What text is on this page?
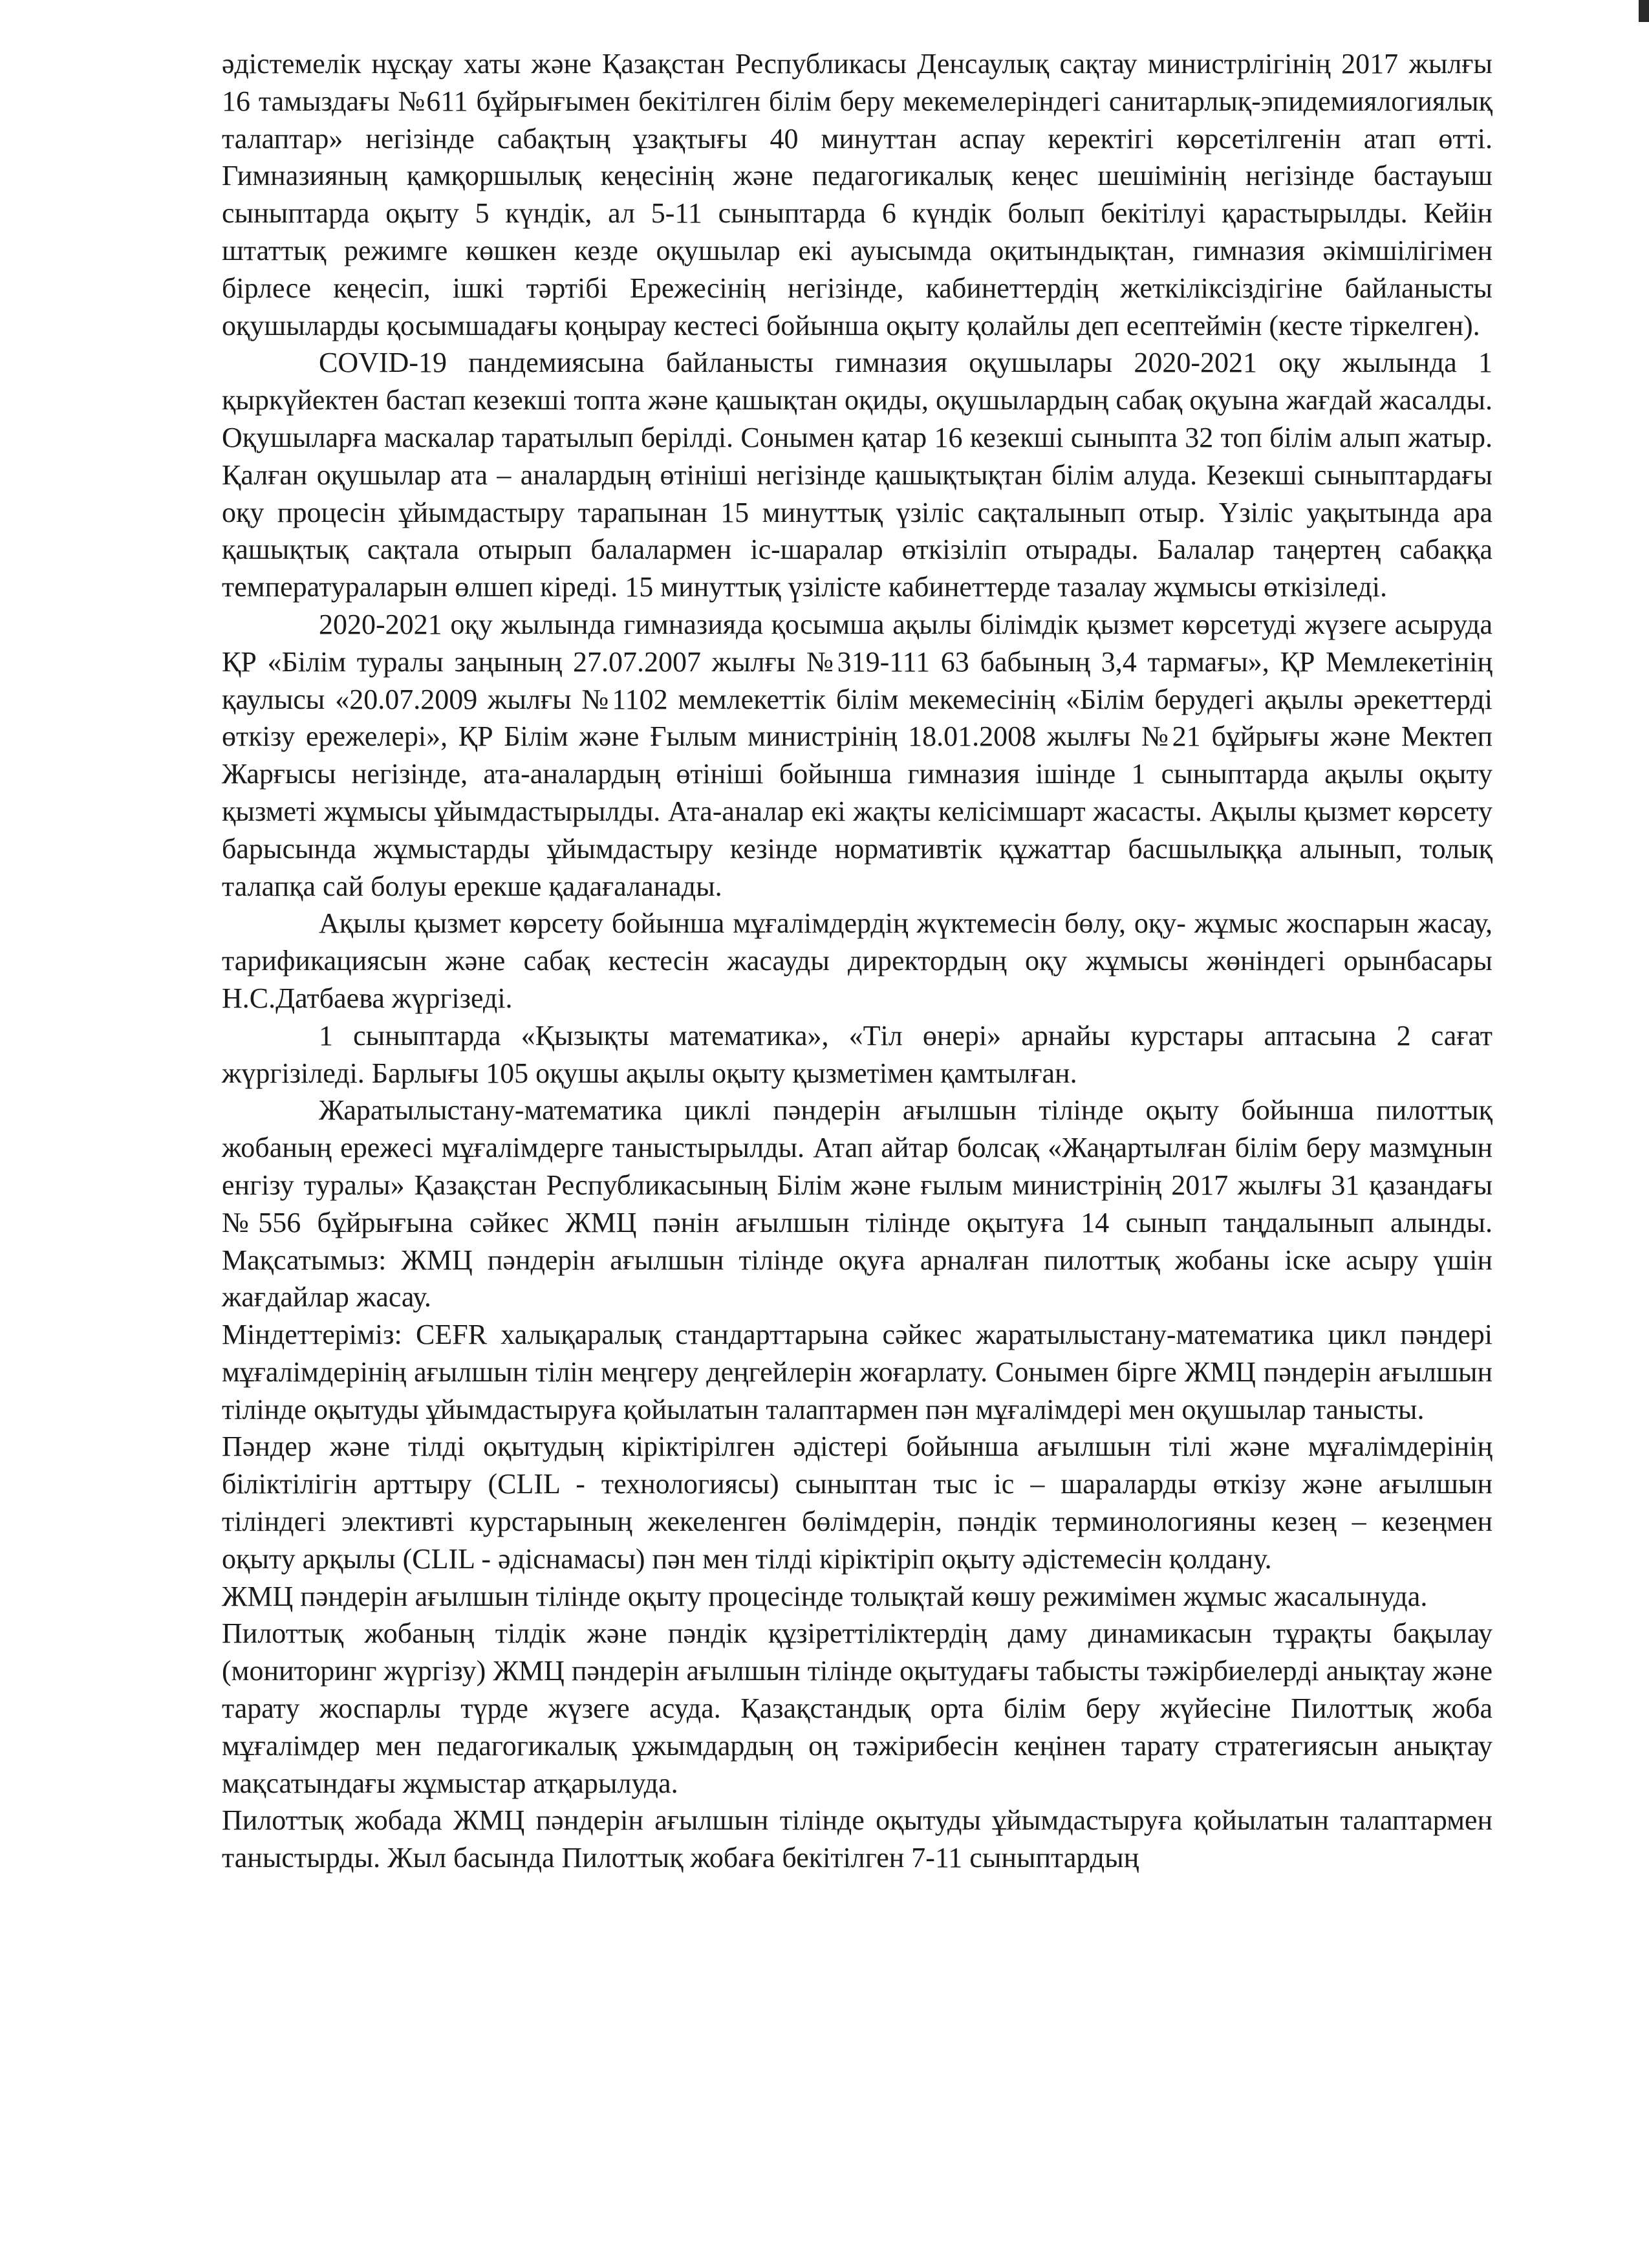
әдістемелік нұсқау хаты және Қазақстан Республикасы Денсаулық сақтау министрлігінің 2017 жылғы 16 тамыздағы №611 бұйрығымен бекітілген білім беру мекемелеріндегі санитарлық-эпидемиялогиялық талаптар» негізінде сабақтың ұзақтығы 40 минуттан аспау керектігі көрсетілгенін атап өтті. Гимназияның қамқоршылық кеңесінің және педагогикалық кеңес шешімінің негізінде бастауыш сыныптарда оқыту 5 күндік, ал 5-11 сыныптарда 6 күндік болып бекітілуі қарастырылды. Кейін штаттық режимге көшкен кезде оқушылар екі ауысымда оқитындықтан, гимназия әкімшілігімен бірлесе кеңесіп, ішкі тәртібі Ережесінің негізінде, кабинеттердің жеткіліксіздігіне байланысты оқушыларды қосымшадағы қоңырау кестесі бойынша оқыту қолайлы деп есептеймін (кесте тіркелген).

COVID-19 пандемиясына байланысты гимназия оқушылары 2020-2021 оқу жылында 1 қыркүйектен бастап кезекші топта және қашықтан оқиды, оқушылардың сабақ оқуына жағдай жасалды. Оқушыларға маскалар таратылып берілді. Сонымен қатар 16 кезекші сыныпта 32 топ білім алып жатыр. Қалған оқушылар ата – аналардың өтініші негізінде қашықтықтан білім алуда. Кезекші сыныптардағы оқу процесін ұйымдастыру тарапынан 15 минуттық үзіліс сақталынып отыр. Үзіліс уақытында ара қашықтық сақтала отырып балалармен іс-шаралар өткізіліп отырады. Балалар таңертең сабаққа температураларын өлшеп кіреді. 15 минуттық үзілісте кабинеттерде тазалау жұмысы өткізіледі.

2020-2021 оқу жылында гимназияда қосымша ақылы білімдік қызмет көрсетуді жүзеге асыруда ҚР «Білім туралы заңының 27.07.2007 жылғы №319-111 63 бабының 3,4 тармағы», ҚР Мемлекетінің қаулысы «20.07.2009 жылғы №1102 мемлекеттік білім мекемесінің «Білім берудегі ақылы әрекеттерді өткізу ережелері», ҚР Білім және Ғылым министрінің 18.01.2008 жылғы №21 бұйрығы және Мектеп Жарғысы негізінде, ата-аналардың өтініші бойынша гимназия ішінде 1 сыныптарда ақылы оқыту қызметі жұмысы ұйымдастырылды. Ата-аналар екі жақты келісімшарт жасасты. Ақылы қызмет көрсету барысында жұмыстарды ұйымдастыру кезінде нормативтік құжаттар басшылыққа алынып, толық талапқа сай болуы ерекше қадағаланады.

Ақылы қызмет көрсету бойынша мұғалімдердің жүктемесін бөлу, оқу- жұмыс жоспарын жасау, тарификациясын және сабақ кестесін жасауды директордың оқу жұмысы жөніндегі орынбасары Н.С.Датбаева жүргізеді.

1 сыныптарда «Қызықты математика», «Тіл өнері» арнайы курстары аптасына 2 сағат жүргізіледі. Барлығы 105 оқушы ақылы оқыту қызметімен қамтылған.

Жаратылыстану-математика циклі пәндерін ағылшын тілінде оқыту бойынша пилоттық жобаның ережесі мұғалімдерге таныстырылды. Атап айтар болсақ «Жаңартылған білім беру мазмұнын енгізу туралы» Қазақстан Республикасының Білім және ғылым министрінің 2017 жылғы 31 қазандағы №556 бұйрығына сәйкес ЖМЦ пәнін ағылшын тілінде оқытуға 14 сынып таңдалынып алынды. Мақсатымыз: ЖМЦ пәндерін ағылшын тілінде оқуға арналған пилоттық жобаны іске асыру үшін жағдайлар жасау.

Міндеттеріміз: CEFR халықаралық стандарттарына сәйкес жаратылыстану-математика цикл пәндері мұғалімдерінің ағылшын тілін меңгеру деңгейлерін жоғарлату. Сонымен бірге ЖМЦ пәндерін ағылшын тілінде оқытуды ұйымдастыруға қойылатын талаптармен пән мұғалімдері мен оқушылар танысты.

Пәндер және тілді оқытудың кіріктірілген әдістері бойынша ағылшын тілі және мұғалімдерінің біліктілігін арттыру (CLIL - технологиясы) сыныптан тыс іс – шараларды өткізу және ағылшын тіліндегі элективті курстарының жекеленген бөлімдерін, пәндік терминологияны кезең – кезеңмен оқыту арқылы (CLIL - әдіснамасы) пән мен тілді кіріктіріп оқыту әдістемесін қолдану.

ЖМЦ пәндерін ағылшын тілінде оқыту процесінде толықтай көшу режимімен жұмыс жасалынуда.

Пилоттық жобаның тілдік және пәндік құзіреттіліктердің даму динамикасын тұрақты бақылау (мониторинг жүргізу) ЖМЦ пәндерін ағылшын тілінде оқытудағы табысты тәжірбиелерді анықтау және тарату жоспарлы түрде жүзеге асуда. Қазақстандық орта білім беру жүйесіне Пилоттық жоба мұғалімдер мен педагогикалық ұжымдардың оң тәжірибесін кеңінен тарату стратегиясын анықтау мақсатындағы жұмыстар атқарылуда.

Пилоттық жобада ЖМЦ пәндерін ағылшын тілінде оқытуды ұйымдастыруға қойылатын талаптармен таныстырды. Жыл басында Пилоттық жобаға бекітілген 7-11 сыныптардың
